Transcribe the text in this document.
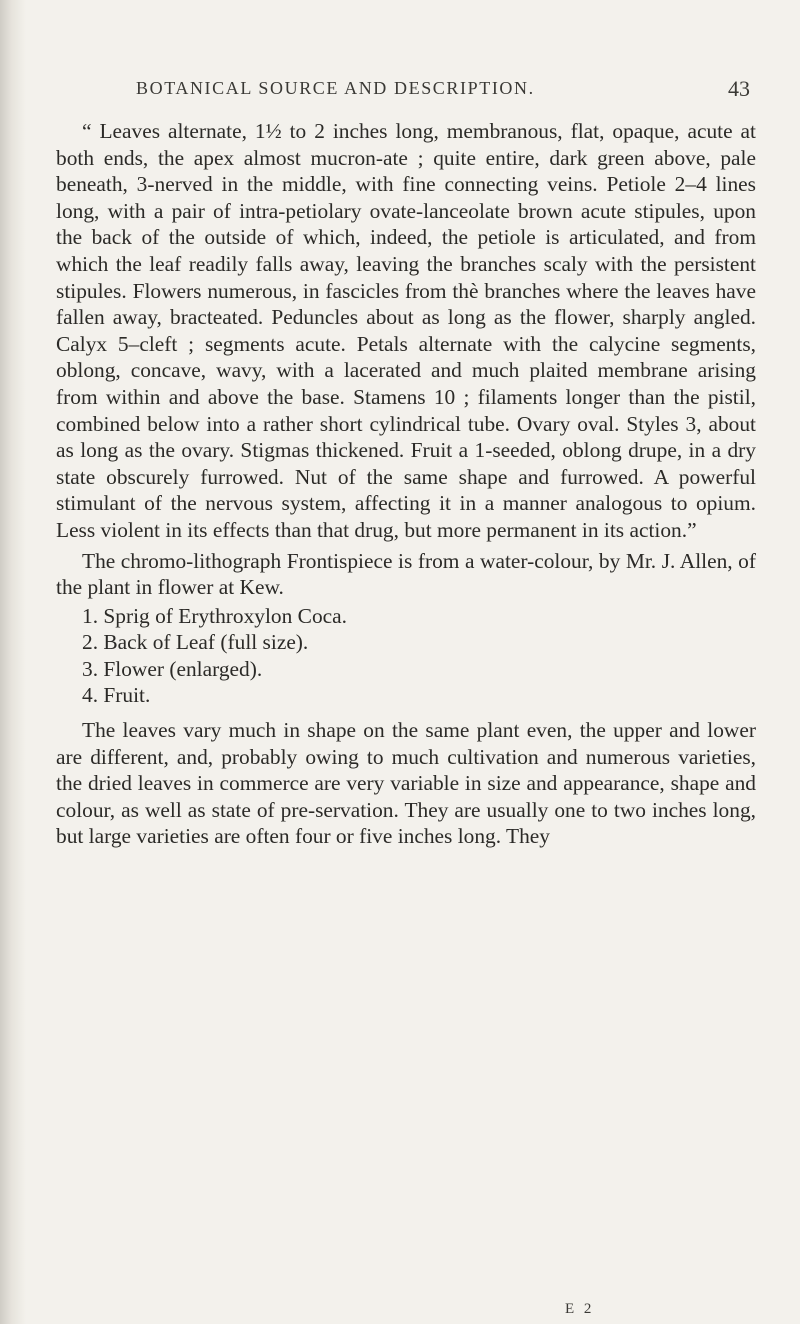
BOTANICAL SOURCE AND DESCRIPTION.	43

“ Leaves alternate, 1½ to 2 inches long, membranous, flat, opaque, acute at both ends, the apex almost mucron-ate ; quite entire, dark green above, pale beneath, 3-nerved in the middle, with fine connecting veins. Petiole 2–4 lines long, with a pair of intra-petiolary ovate-lanceolate brown acute stipules, upon the back of the outside of which, indeed, the petiole is articulated, and from which the leaf readily falls away, leaving the branches scaly with the persistent stipules. Flowers numerous, in fascicles from thè branches where the leaves have fallen away, bracteated. Peduncles about as long as the flower, sharply angled. Calyx 5–cleft ; segments acute. Petals alternate with the calycine segments, oblong, concave, wavy, with a lacerated and much plaited membrane arising from within and above the base. Stamens 10 ; filaments longer than the pistil, combined below into a rather short cylindrical tube. Ovary oval. Styles 3, about as long as the ovary. Stigmas thickened. Fruit a 1-seeded, oblong drupe, in a dry state obscurely furrowed. Nut of the same shape and furrowed. A powerful stimulant of the nervous system, affecting it in a manner analogous to opium. Less violent in its effects than that drug, but more permanent in its action.”

The chromo-lithograph Frontispiece is from a water-colour, by Mr. J. Allen, of the plant in flower at Kew.

1. Sprig of Erythroxylon Coca.
2. Back of Leaf (full size).
3. Flower (enlarged).
4. Fruit.

The leaves vary much in shape on the same plant even, the upper and lower are different, and, probably owing to much cultivation and numerous varieties, the dried leaves in commerce are very variable in size and appearance, shape and colour, as well as state of pre-servation. They are usually one to two inches long, but large varieties are often four or five inches long. They

E 2
